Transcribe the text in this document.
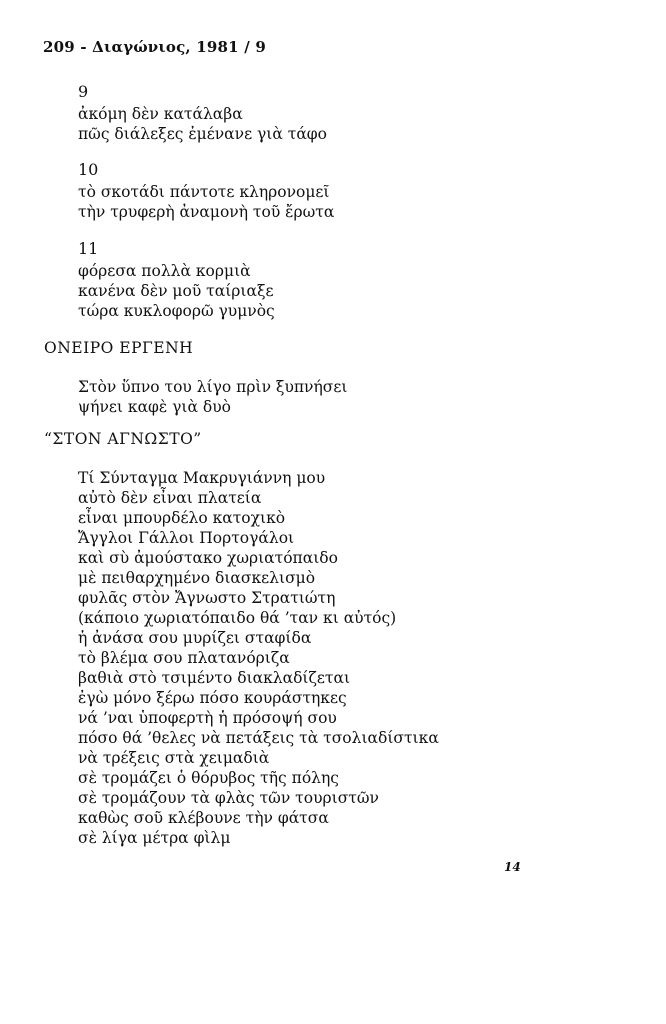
209 - Διαγώνιος, 1981 / 9
9
ἀκόμη δὲν κατάλαβα
πῶς διάλεξες ἐμένανε γιὰ τάφο
10
τὸ σκοτάδι πάντοτε κληρονομεῖ
τὴν τρυφερὴ ἀναμονὴ τοῦ ἔρωτα
11
φόρεσα πολλὰ κορμιὰ
κανένα δὲν μοῦ ταίριαξε
τώρα κυκλοφορῶ γυμνὸς
ΟΝΕΙΡΟ ΕΡΓΕΝΗ
Στὸν ὕπνο του λίγο πρὶν ξυπνήσει
ψήνει καφὲ γιὰ δυὸ
“ΣΤΟΝ ΑΓΝΩΣΤΟ”
Τί Σύνταγμα Μακρυγιάννη μου
αὐτὸ δὲν εἶναι πλατεία
εἶναι μπουρδέλο κατοχικὸ
Ἄγγλοι Γάλλοι Πορτογάλοι
καὶ σὺ ἀμούστακο χωριατόπαιδο
μὲ πειθαρχημένο διασκελισμὸ
φυλᾶς στὸν Ἄγνωστο Στρατιώτη
(κάποιο χωριατόπαιδο θά ’ταν κι αὐτός)
ἡ ἀνάσα σου μυρίζει σταφίδα
τὸ βλέμα σου πλατανόριζα
βαθιὰ στὸ τσιμέντο διακλαδίζεται
ἐγὼ μόνο ξέρω πόσο κουράστηκες
νά ’ναι ὑποφερτὴ ἡ πρόσοψή σου
πόσο θά ’θελες νὰ πετάξεις τὰ τσολιαδίστικα
νὰ τρέξεις στὰ χειμαδιὰ
σὲ τρομάζει ὁ θόρυβος τῆς πόλης
σὲ τρομάζουν τὰ φλὰς τῶν τουριστῶν
καθὼς σοῦ κλέβουνε τὴν φάτσα
σὲ λίγα μέτρα φὶλμ
14
